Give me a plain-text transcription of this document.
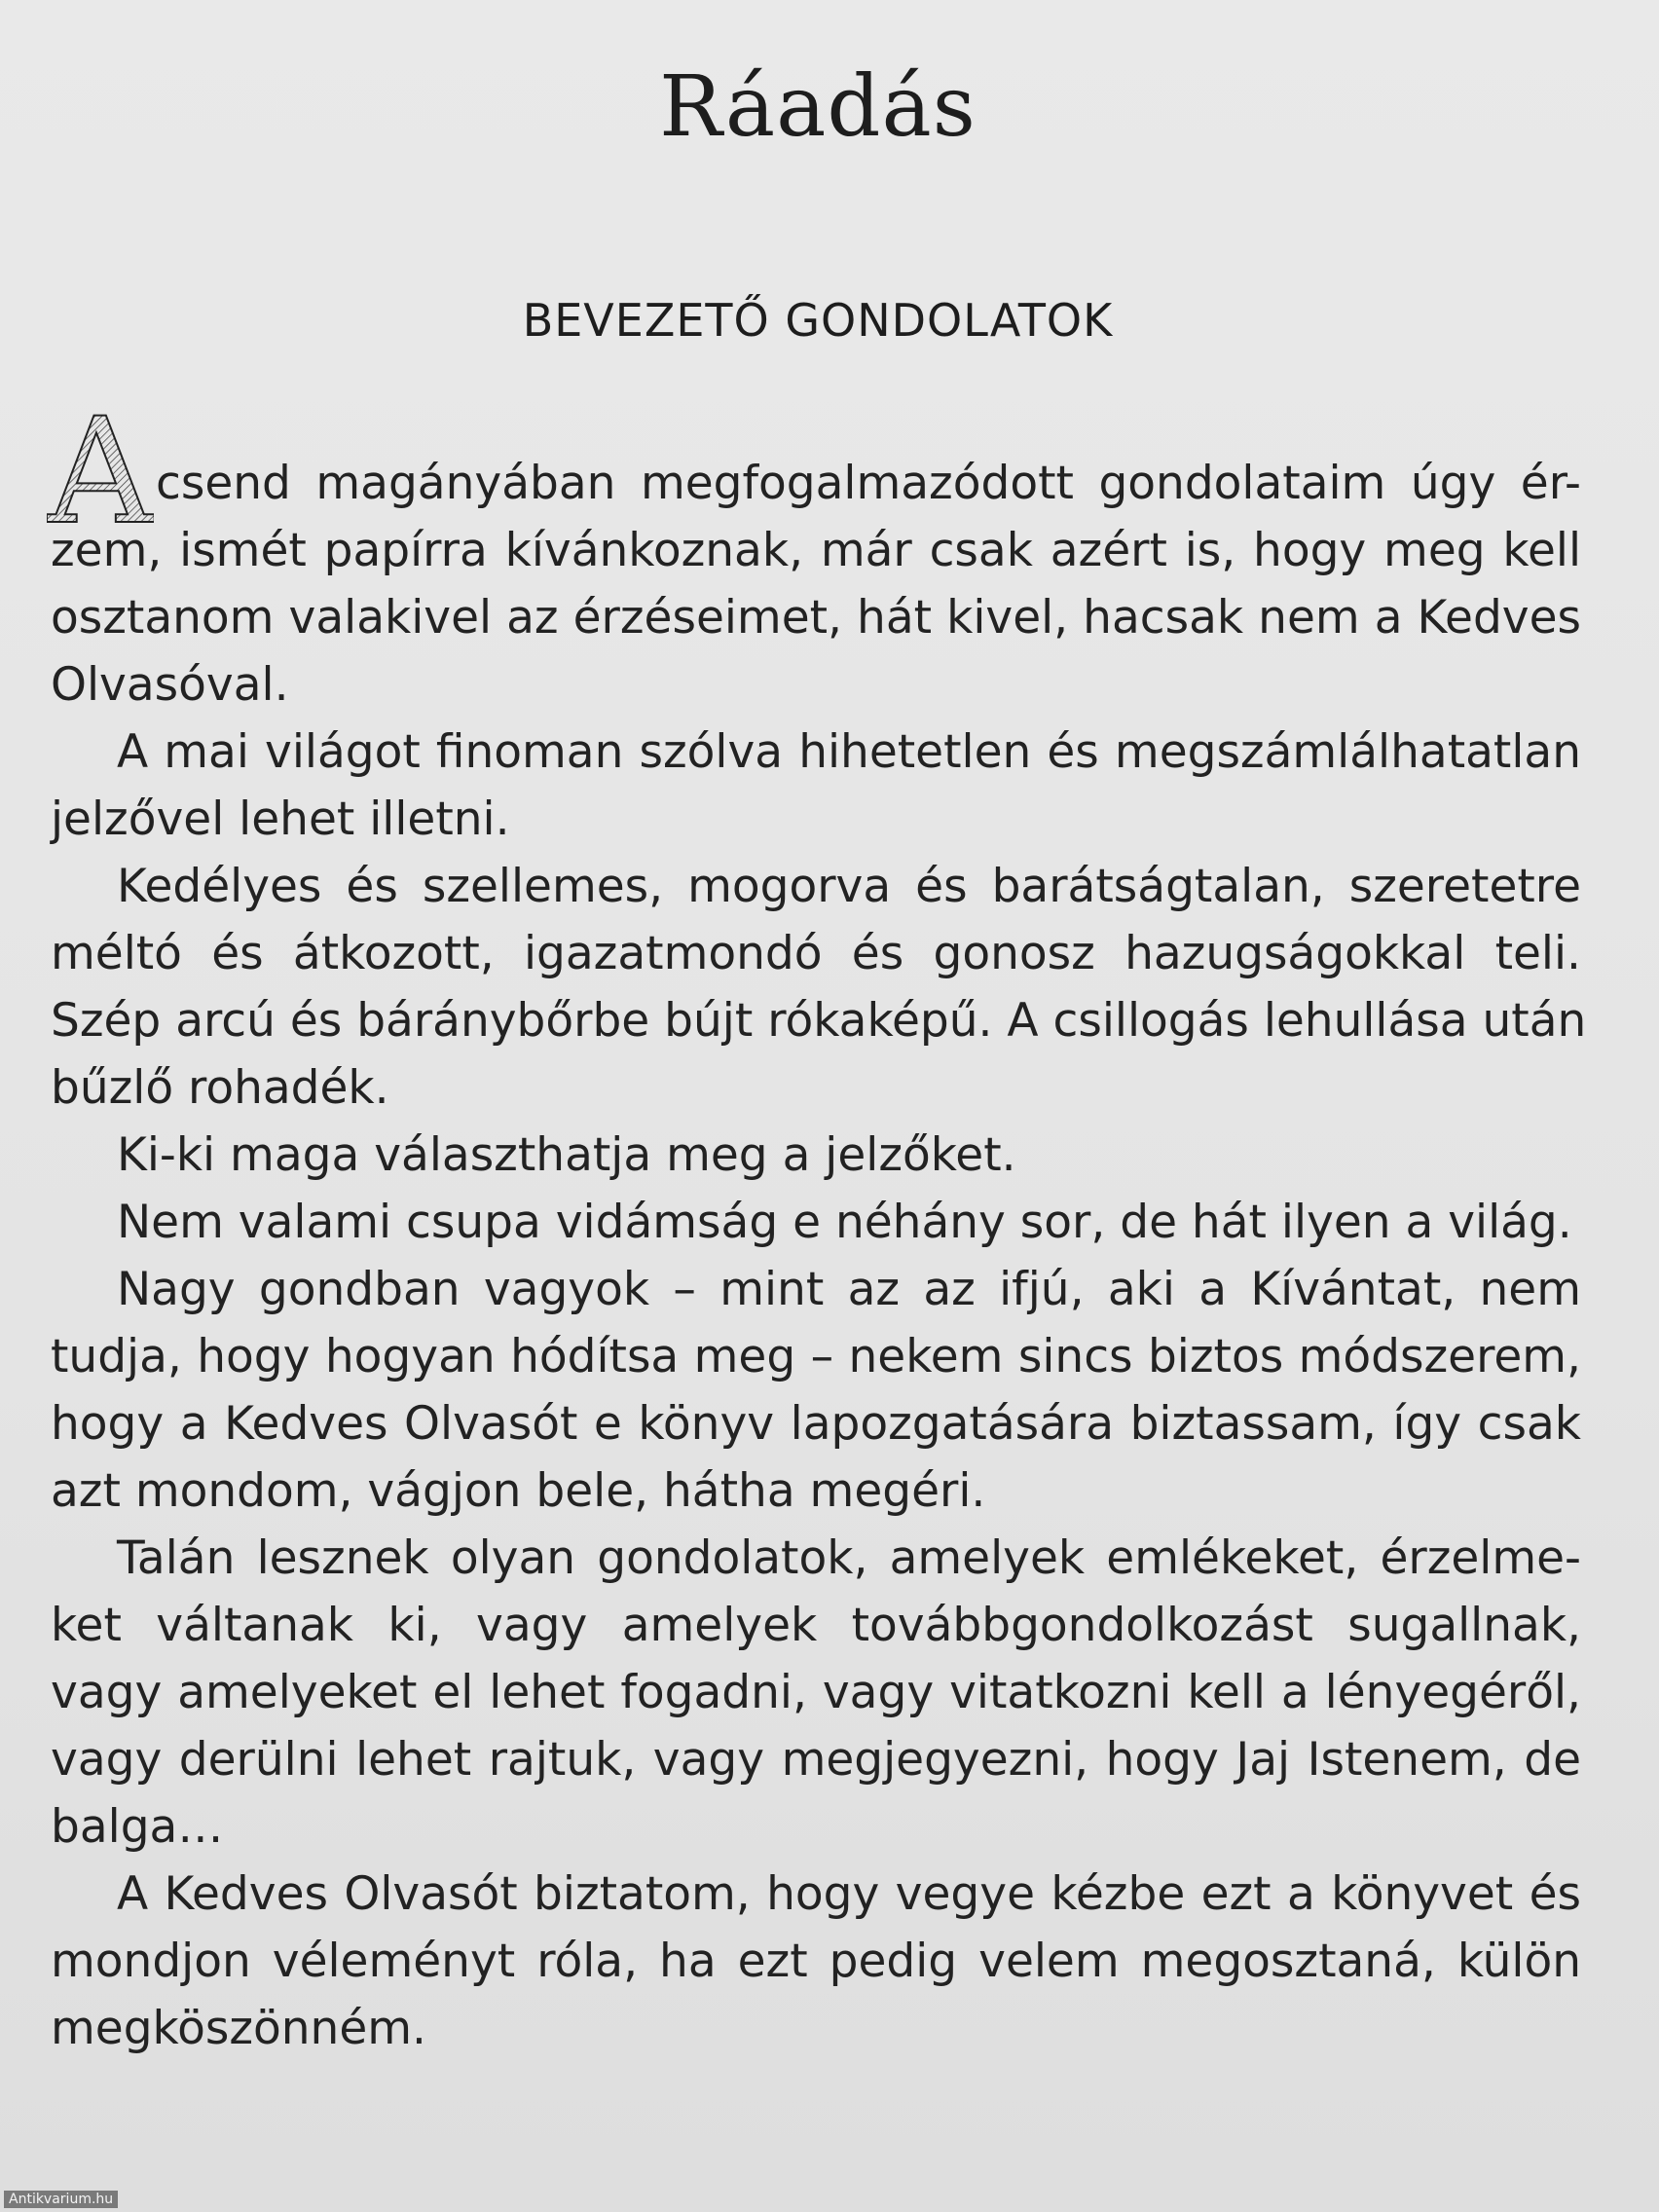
Ráadás
BEVEZETŐ GONDOLATOK
A csend magányában megfogalmazódott gondolataim úgy ér-
zem, ismét papírra kívánkoznak, már csak azért is, hogy meg kell
osztanom valakivel az érzéseimet, hát kivel, hacsak nem a Kedves
Olvasóval.
A mai világot finoman szólva hihetetlen és megszámlálhatatlan
jelzővel lehet illetni.
Kedélyes és szellemes, mogorva és barátságtalan, szeretetre
méltó és átkozott, igazatmondó és gonosz hazugságokkal teli.
Szép arcú és báránybőrbe bújt rókaképű. A csillogás lehullása után
bűzlő rohadék.
Ki-ki maga választhatja meg a jelzőket.
Nem valami csupa vidámság e néhány sor, de hát ilyen a világ.
Nagy gondban vagyok – mint az az ifjú, aki a Kívántat, nem
tudja, hogy hogyan hódítsa meg – nekem sincs biztos módszerem,
hogy a Kedves Olvasót e könyv lapozgatására biztassam, így csak
azt mondom, vágjon bele, hátha megéri.
Talán lesznek olyan gondolatok, amelyek emlékeket, érzelme-
ket váltanak ki, vagy amelyek továbbgondolkozást sugallnak,
vagy amelyeket el lehet fogadni, vagy vitatkozni kell a lényegéről,
vagy derülni lehet rajtuk, vagy megjegyezni, hogy Jaj Istenem, de
balga…
A Kedves Olvasót biztatom, hogy vegye kézbe ezt a könyvet és
mondjon véleményt róla, ha ezt pedig velem megosztaná, külön
megköszönném.
Antikvarium.hu
